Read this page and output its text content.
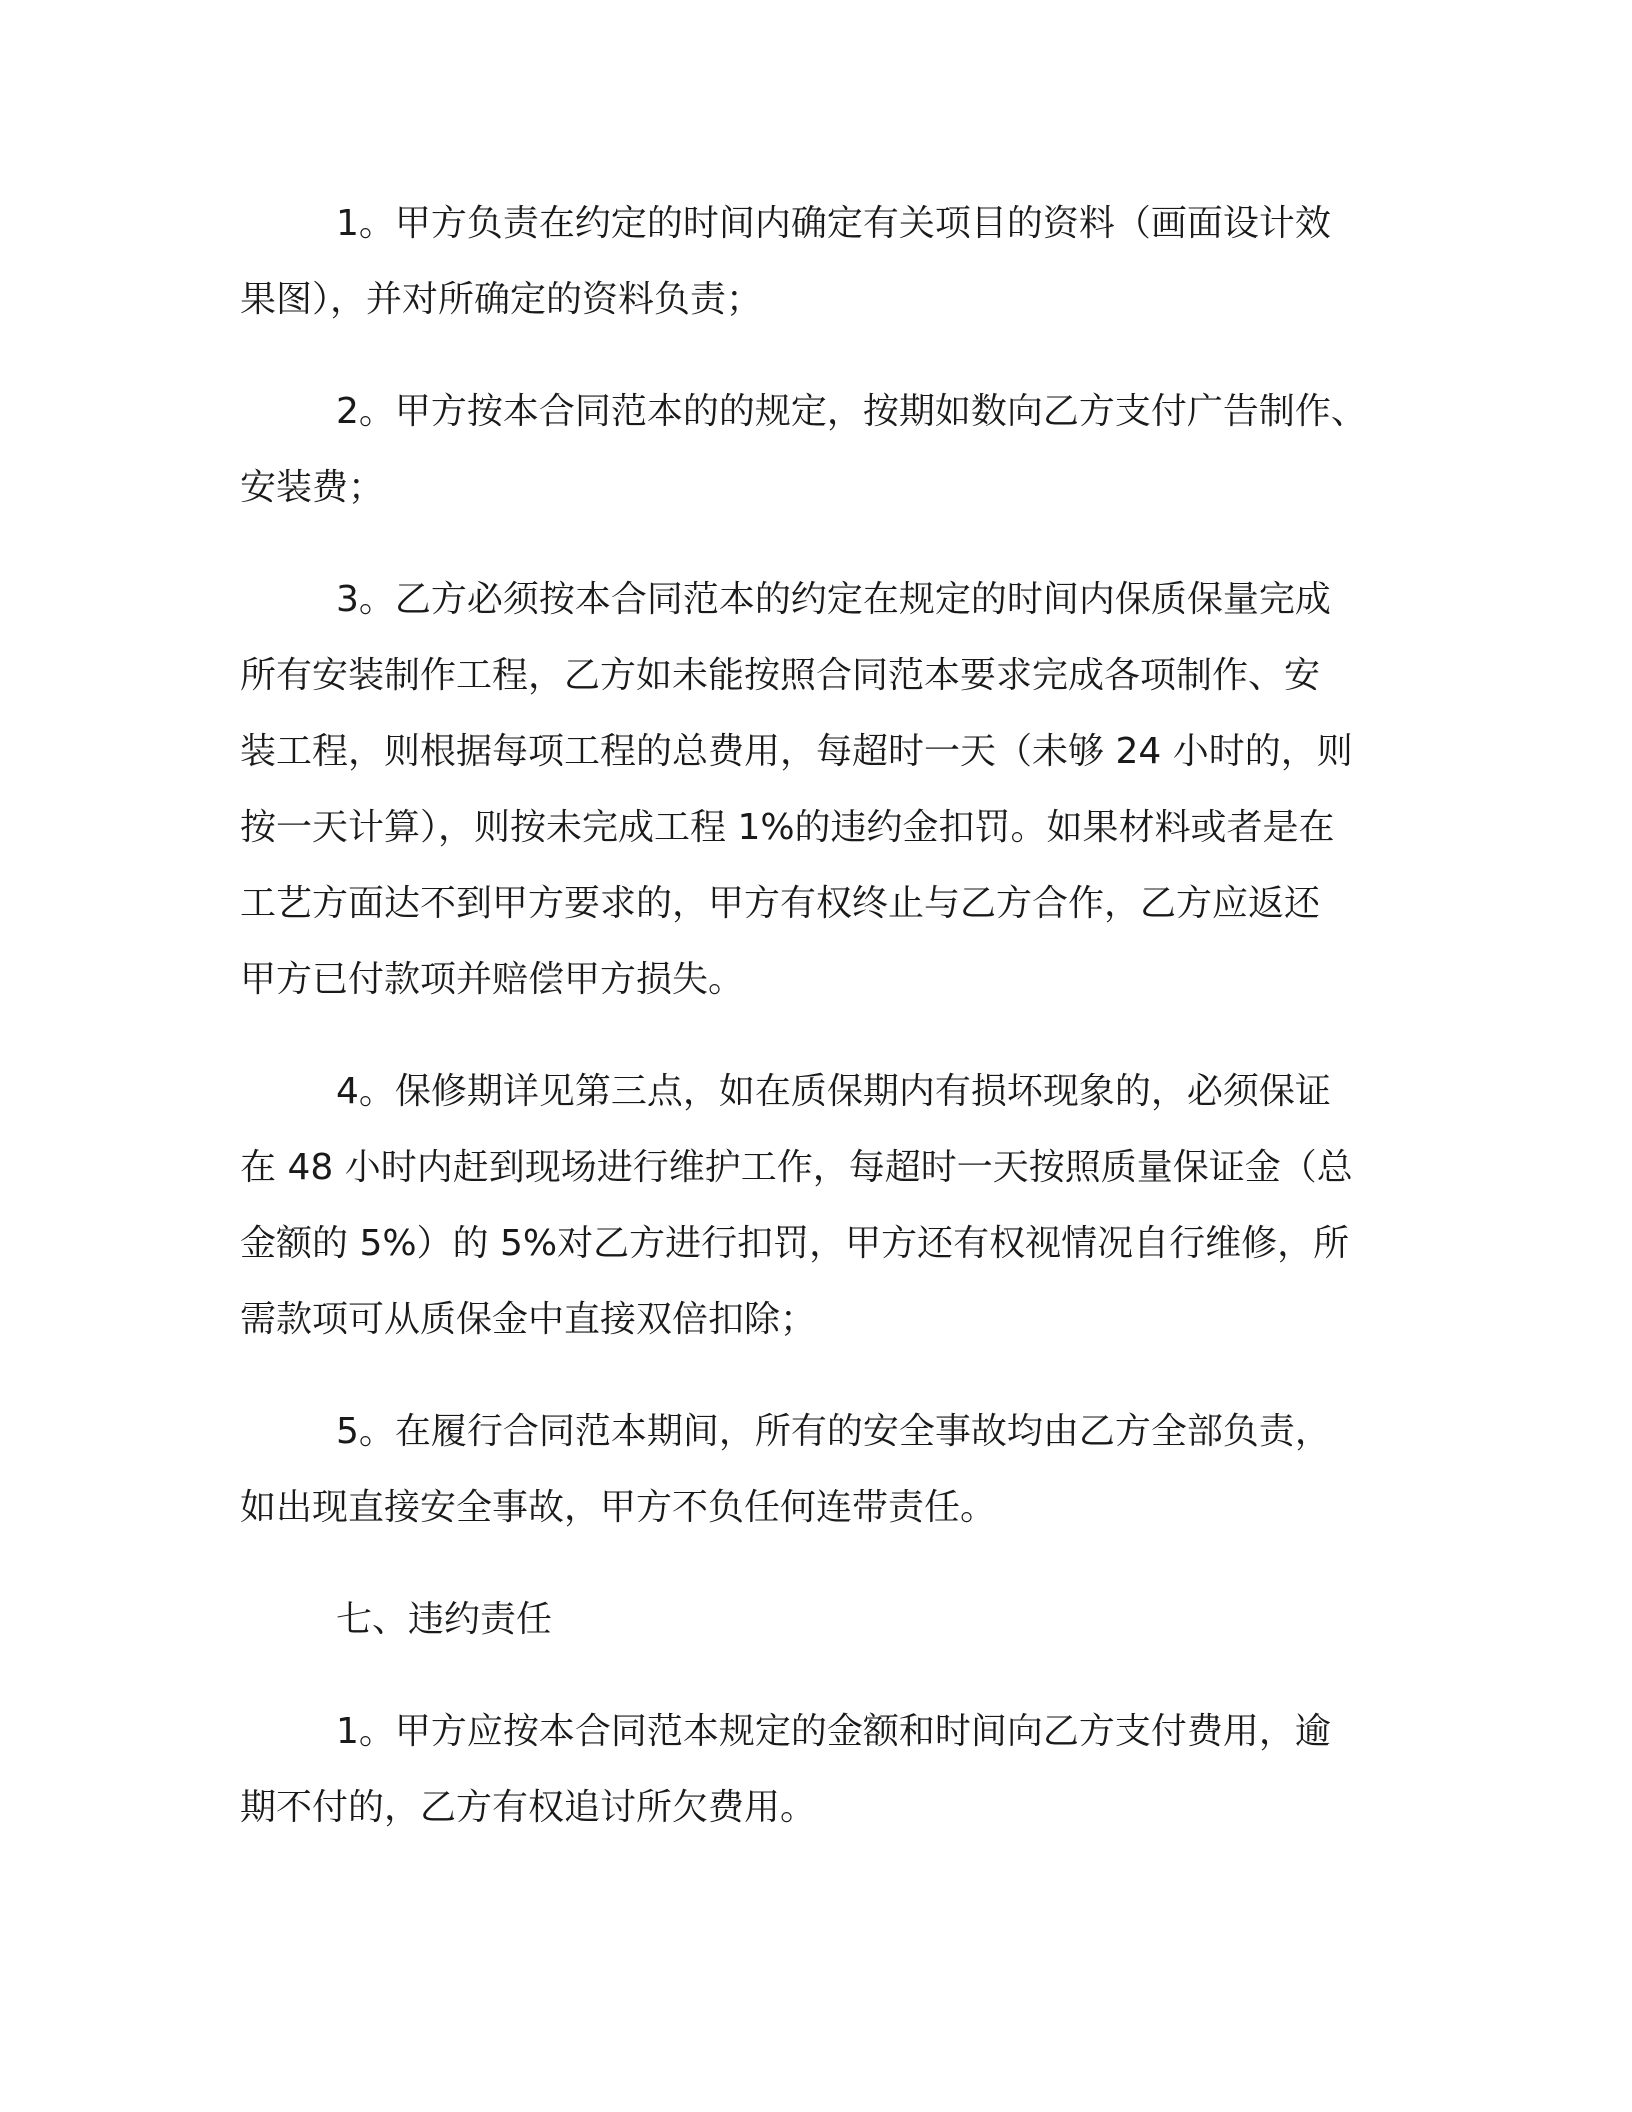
1。甲方负责在约定的时间内确定有关项目的资料（画面设计效
果图），并对所确定的资料负责；

2。甲方按本合同范本的的规定，按期如数向乙方支付广告制作、
安装费；

3。乙方必须按本合同范本的约定在规定的时间内保质保量完成
所有安装制作工程，乙方如未能按照合同范本要求完成各项制作、安
装工程，则根据每项工程的总费用，每超时一天（未够 24 小时的，则
按一天计算），则按未完成工程 1%的违约金扣罚。如果材料或者是在
工艺方面达不到甲方要求的，甲方有权终止与乙方合作，乙方应返还
甲方已付款项并赔偿甲方损失。

4。保修期详见第三点，如在质保期内有损坏现象的，必须保证
在 48 小时内赶到现场进行维护工作，每超时一天按照质量保证金（总
金额的 5%）的 5%对乙方进行扣罚，甲方还有权视情况自行维修，所
需款项可从质保金中直接双倍扣除；

5。在履行合同范本期间，所有的安全事故均由乙方全部负责，
如出现直接安全事故，甲方不负任何连带责任。

七、违约责任

1。甲方应按本合同范本规定的金额和时间向乙方支付费用，逾
期不付的，乙方有权追讨所欠费用。
